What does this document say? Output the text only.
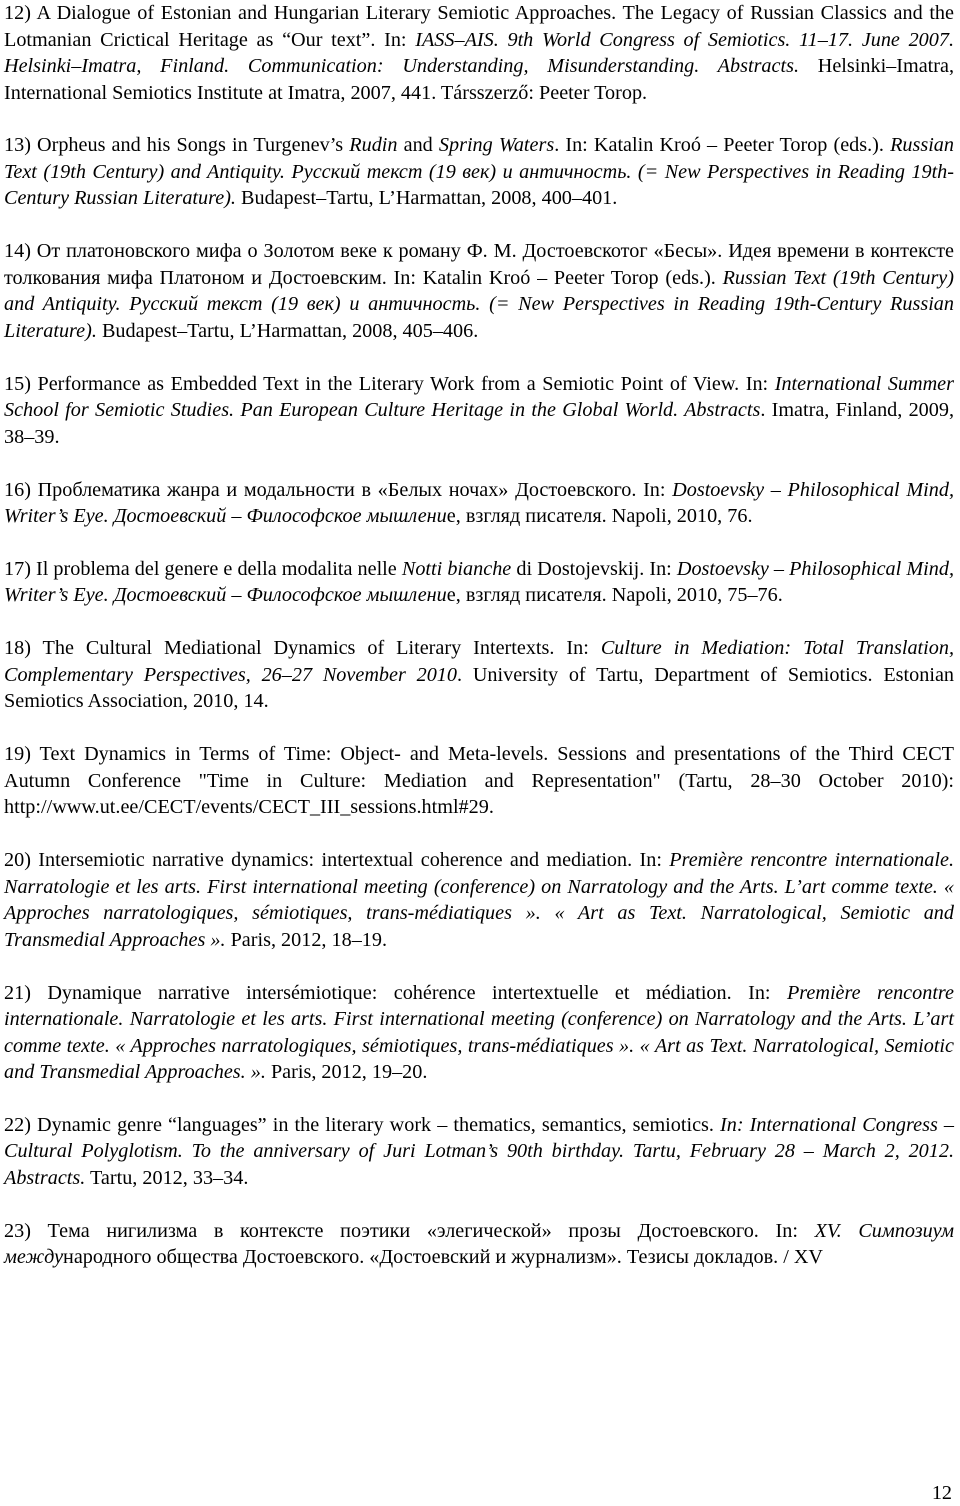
12) A Dialogue of Estonian and Hungarian Literary Semiotic Approaches. The Legacy of Russian Classics and the Lotmanian Crictical Heritage as “Our text”. In: IASS–AIS. 9th World Congress of Semiotics. 11–17. June 2007. Helsinki–Imatra, Finland. Communication: Understanding, Misunderstanding. Abstracts. Helsinki–Imatra, International Semiotics Institute at Imatra, 2007, 441. Társszerző: Peeter Torop.

13) Orpheus and his Songs in Turgenev’s Rudin and Spring Waters. In: Katalin Kroó – Peeter Torop (eds.). Russian Text (19th Century) and Antiquity. Русский текст (19 век) и античность. (= New Perspectives in Reading 19th-Century Russian Literature). Budapest–Tartu, L’Harmattan, 2008, 400–401.

14) От платоновского мифа о Золотом веке к роману Ф. М. Достоевскотог «Бесы». Идея времени в контексте толкования мифа Платоном и Достоевским. In: Katalin Kroó – Peeter Torop (eds.). Russian Text (19th Century) and Antiquity. Русский текст (19 век) и античность. (= New Perspectives in Reading 19th-Century Russian Literature). Budapest–Tartu, L’Harmattan, 2008, 405–406.

15) Performance as Embedded Text in the Literary Work from a Semiotic Point of View. In: International Summer School for Semiotic Studies. Pan European Culture Heritage in the Global World. Abstracts. Imatra, Finland, 2009, 38–39.

16) Проблематика жанра и модальности в «Белых ночах» Достоевского. In: Dostoevsky – Philosophical Mind, Writer’s Eye. Достоевский – Философское мышление, взгляд писателя. Napoli, 2010, 76.

17) Il problema del genere e della modalita nelle Notti bianche di Dostojevskij. In: Dostoevsky – Philosophical Mind, Writer’s Eye. Достоевский – Философское мышление, взгляд писателя. Napoli, 2010, 75–76.

18) The Cultural Mediational Dynamics of Literary Intertexts. In: Culture in Mediation: Total Translation, Complementary Perspectives, 26–27 November 2010. University of Tartu, Department of Semiotics. Estonian Semiotics Association, 2010, 14.

19) Text Dynamics in Terms of Time: Object- and Meta-levels. Sessions and presentations of the Third CECT Autumn Conference "Time in Culture: Mediation and Representation" (Tartu, 28–30 October 2010): http://www.ut.ee/CECT/events/CECT_III_sessions.html#29.

20) Intersemiotic narrative dynamics: intertextual coherence and mediation. In: Première rencontre internationale. Narratologie et les arts. First international meeting (conference) on Narratology and the Arts. L’art comme texte. « Approches narratologiques, sémiotiques, trans-médiatiques ». « Art as Text. Narratological, Semiotic and Transmedial Approaches ». Paris, 2012, 18–19.

21) Dynamique narrative intersémiotique: cohérence intertextuelle et médiation. In: Première rencontre internationale. Narratologie et les arts. First international meeting (conference) on Narratology and the Arts. L’art comme texte. « Approches narratologiques, sémiotiques, trans-médiatiques ». « Art as Text. Narratological, Semiotic and Transmedial Approaches. ». Paris, 2012, 19–20.

22) Dynamic genre “languages” in the literary work – thematics, semantics, semiotics. In: International Congress – Cultural Polyglotism. To the anniversary of Juri Lotman’s 90th birthday. Tartu, February 28 – March 2, 2012. Abstracts. Tartu, 2012, 33–34.

23) Тема нигилизма в контексте поэтики «элегической» прозы Достоевского. In: XV. Симпозиум международного общества Достоевского. «Достоевский и журнализм». Тезисы докладов. / XV

12
